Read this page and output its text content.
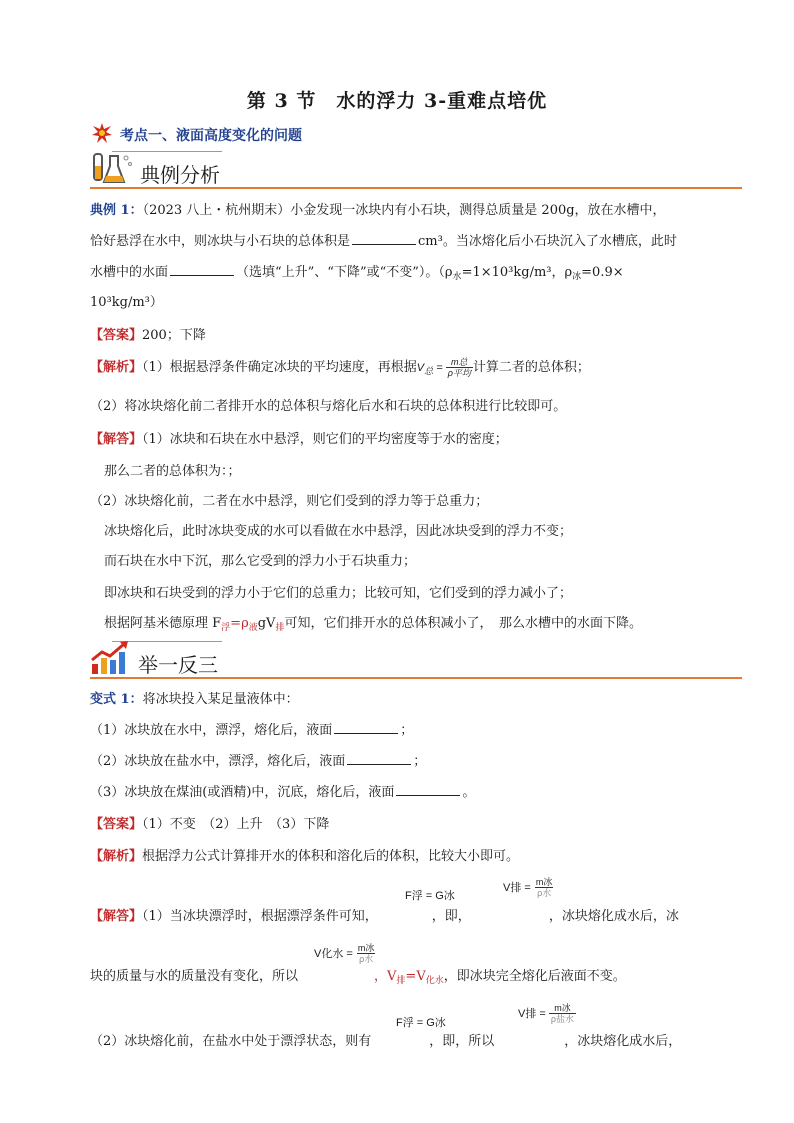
第 3 节　水的浮力 3-重难点培优
考点一、液面高度变化的问题
典例分析
典例 1：（2023 八上・杭州期末）小金发现一冰块内有小石块，测得总质量是 200g，放在水槽中，
恰好悬浮在水中，则冰块与小石块的总体积是	cm³。当冰熔化后小石块沉入了水槽底，此时
水槽中的水面	（选填“上升”、“下降”或“不变”）。（$\rho_水=1\times 10^3kg/m^3$，$\rho_冰=0.9\times$
10³kg/m³）
【答案】200；下降
【解析】（1）根据悬浮条件确定冰块的平均速度，再根据$V_总 = \frac{\text{m总}}{\text{ρ平均}}$ 计算二者的总体积；
（2）将冰块熔化前二者排开水的总体积与熔化后水和石块的总体积进行比较即可。
【解答】（1）冰块和石块在水中悬浮，则它们的平均密度等于水的密度；
那么二者的总体积为：；
（2）冰块熔化前，二者在水中悬浮，则它们受到的浮力等于总重力；
冰块熔化后，此时冰块变成的水可以看做在水中悬浮，因此冰块受到的浮力不变；
而石块在水中下沉，那么它受到的浮力小于石块重力；
即冰块和石块受到的浮力小于它们的总重力；比较可知，它们受到的浮力减小了；
根据阿基米德原理 $F_浮=\rho_液gV_排$可知，它们排开水的总体积减小了，　那么水槽中的水面下降。
举一反三
变式 1：将冰块投入某足量液体中：
（1）冰块放在水中，漂浮，熔化后，液面	；
（2）冰块放在盐水中，漂浮，熔化后，液面	；
（3）冰块放在煤油(或酒精)中，沉底，熔化后，液面	。
【答案】（1）不变　（2）上升　（3）下降
【解析】根据浮力公式计算排开水的体积和溶化后的体积，比较大小即可。
F浮 = G冰
V排 = $\frac{\text{m冰}}{\text{ρ水}}$
【解答】（1）当冰块漂浮时，根据漂浮条件可知，	，即，	，冰块熔化成水后，冰
V化水 = $\frac{\text{m冰}}{\text{ρ水}}$
块的质量与水的质量没有变化，所以	，$V_排=V_{化水}$，即冰块完全熔化后液面不变。
F浮 = G冰
V排 = $\frac{\text{m冰}}{\text{ρ盐水}}$
（2）冰块熔化前，在盐水中处于漂浮状态，则有	，即，所以	，冰块熔化成水后，
